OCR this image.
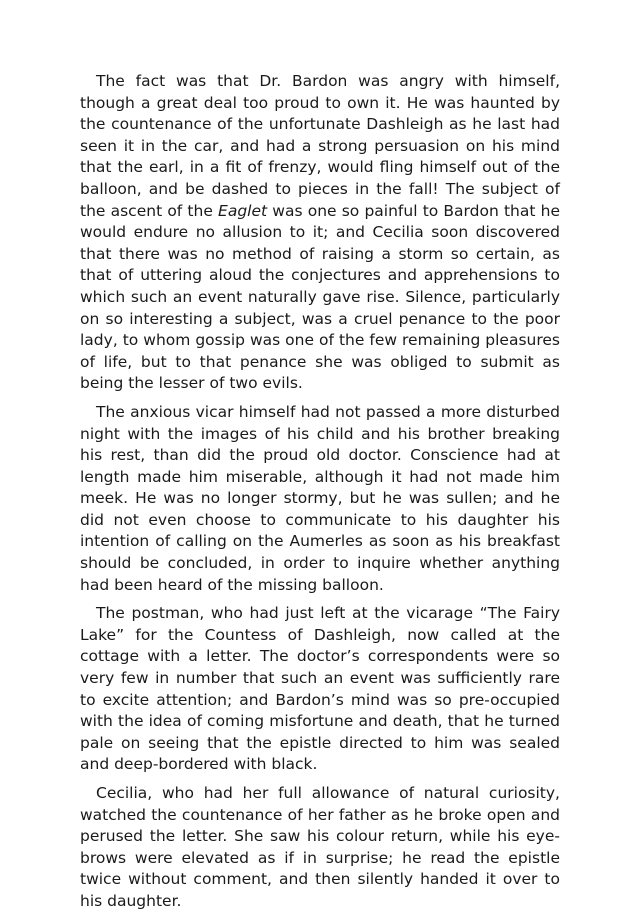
The fact was that Dr. Bardon was angry with himself, though a great deal too proud to own it. He was haunted by the countenance of the unfortunate Dashleigh as he last had seen it in the car, and had a strong persuasion on his mind that the earl, in a fit of frenzy, would fling himself out of the balloon, and be dashed to pieces in the fall! The subject of the ascent of the Eaglet was one so painful to Bardon that he would endure no allusion to it; and Cecilia soon discovered that there was no method of raising a storm so certain, as that of uttering aloud the conjectures and apprehensions to which such an event naturally gave rise. Silence, particularly on so interesting a subject, was a cruel penance to the poor lady, to whom gossip was one of the few remaining pleasures of life, but to that penance she was obliged to submit as being the lesser of two evils.

The anxious vicar himself had not passed a more disturbed night with the images of his child and his brother breaking his rest, than did the proud old doctor. Conscience had at length made him miserable, although it had not made him meek. He was no longer stormy, but he was sullen; and he did not even choose to communicate to his daughter his intention of calling on the Aumerles as soon as his breakfast should be concluded, in order to inquire whether anything had been heard of the missing balloon.

The postman, who had just left at the vicarage “The Fairy Lake” for the Countess of Dashleigh, now called at the cottage with a letter. The doctor’s correspondents were so very few in number that such an event was sufficiently rare to excite attention; and Bardon’s mind was so pre-occupied with the idea of coming misfortune and death, that he turned pale on seeing that the epistle directed to him was sealed and deep-bordered with black.

Cecilia, who had her full allowance of natural curiosity, watched the countenance of her father as he broke open and perused the letter. She saw his colour return, while his eye-brows were elevated as if in surprise; he read the epistle twice without comment, and then silently handed it over to his daughter.
